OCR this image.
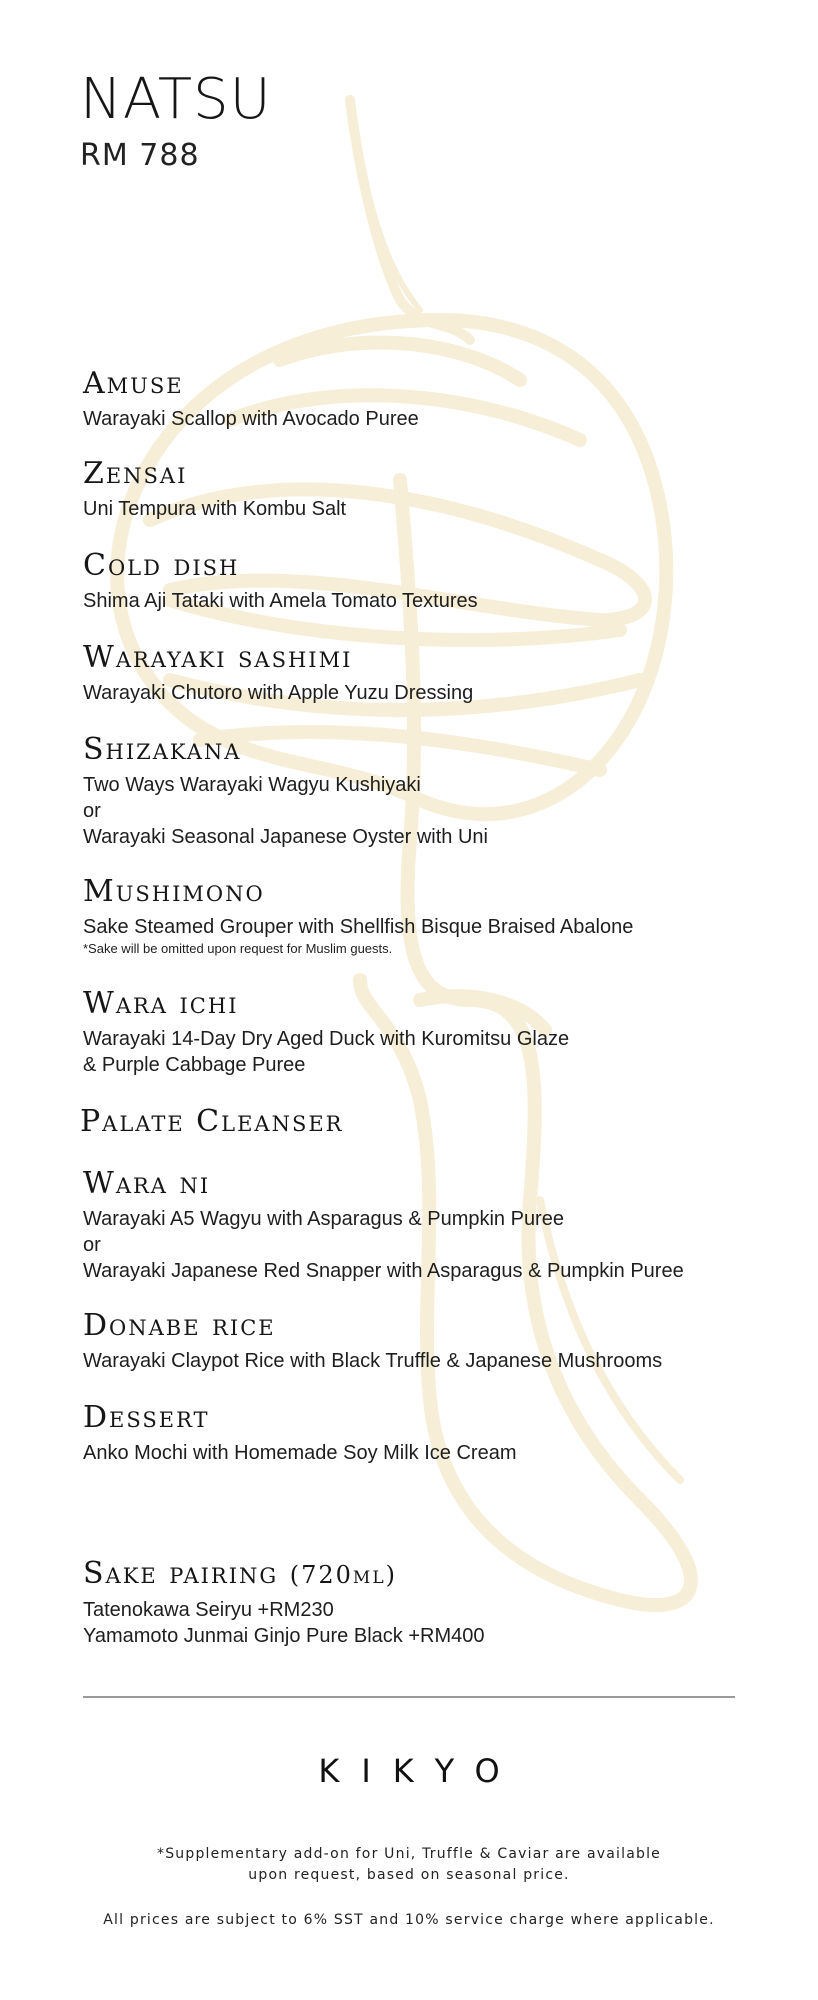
NATSU
RM 788
Amuse
Warayaki Scallop with Avocado Puree
Zensai
Uni Tempura with Kombu Salt
Cold dish
Shima Aji Tataki with Amela Tomato Textures
Warayaki sashimi
Warayaki Chutoro with Apple Yuzu Dressing
Shizakana
Two Ways Warayaki Wagyu Kushiyaki
or
Warayaki Seasonal Japanese Oyster with Uni
Mushimono
Sake Steamed Grouper with Shellfish Bisque Braised Abalone
*Sake will be omitted upon request for Muslim guests.
Wara ichi
Warayaki 14-Day Dry Aged Duck with Kuromitsu Glaze
& Purple Cabbage Puree
Palate Cleanser
Wara ni
Warayaki A5 Wagyu with Asparagus & Pumpkin Puree
or
Warayaki Japanese Red Snapper with Asparagus & Pumpkin Puree
Donabe rice
Warayaki Claypot Rice with Black Truffle & Japanese Mushrooms
Dessert
Anko Mochi with Homemade Soy Milk Ice Cream
Sake pairing (720ml)
Tatenokawa Seiryu +RM230
Yamamoto Junmai Ginjo Pure Black +RM400
KIKYO
*Supplementary add-on for Uni, Truffle & Caviar are available
upon request, based on seasonal price.
All prices are subject to 6% SST and 10% service charge where applicable.
